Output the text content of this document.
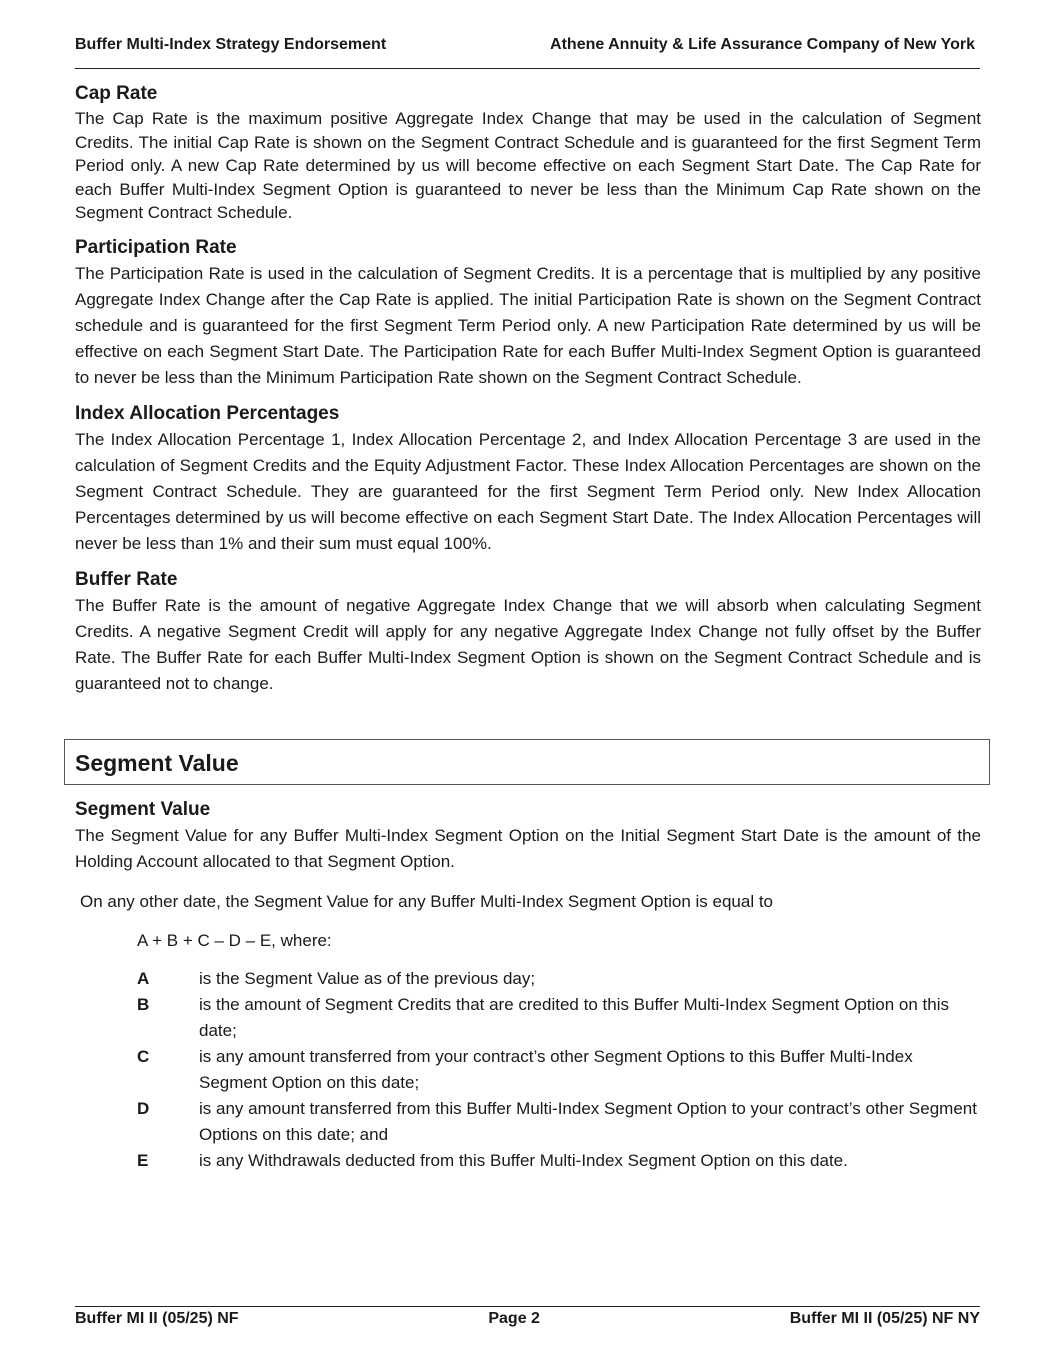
Buffer Multi-Index Strategy Endorsement	Athene Annuity & Life Assurance Company of New York
Cap Rate

The Cap Rate is the maximum positive Aggregate Index Change that may be used in the calculation of Segment Credits. The initial Cap Rate is shown on the Segment Contract Schedule and is guaranteed for the first Segment Term Period only. A new Cap Rate determined by us will become effective on each Segment Start Date. The Cap Rate for each Buffer Multi-Index Segment Option is guaranteed to never be less than the Minimum Cap Rate shown on the Segment Contract Schedule.

Participation Rate

The Participation Rate is used in the calculation of Segment Credits. It is a percentage that is multiplied by any positive Aggregate Index Change after the Cap Rate is applied. The initial Participation Rate is shown on the Segment Contract schedule and is guaranteed for the first Segment Term Period only. A new Participation Rate determined by us will be effective on each Segment Start Date. The Participation Rate for each Buffer Multi-Index Segment Option is guaranteed to never be less than the Minimum Participation Rate shown on the Segment Contract Schedule.

Index Allocation Percentages

The Index Allocation Percentage 1, Index Allocation Percentage 2, and Index Allocation Percentage 3 are used in the calculation of Segment Credits and the Equity Adjustment Factor. These Index Allocation Percentages are shown on the Segment Contract Schedule. They are guaranteed for the first Segment Term Period only. New Index Allocation Percentages determined by us will become effective on each Segment Start Date. The Index Allocation Percentages will never be less than 1% and their sum must equal 100%.

Buffer Rate

The Buffer Rate is the amount of negative Aggregate Index Change that we will absorb when calculating Segment Credits. A negative Segment Credit will apply for any negative Aggregate Index Change not fully offset by the Buffer Rate. The Buffer Rate for each Buffer Multi-Index Segment Option is shown on the Segment Contract Schedule and is guaranteed not to change.

Segment Value
Segment Value

The Segment Value for any Buffer Multi-Index Segment Option on the Initial Segment Start Date is the amount of the Holding Account allocated to that Segment Option.

On any other date, the Segment Value for any Buffer Multi-Index Segment Option is equal to

A + B + C – D – E, where:
A	is the Segment Value as of the previous day;
B	is the amount of Segment Credits that are credited to this Buffer Multi-Index Segment Option on this date;
C	is any amount transferred from your contract’s other Segment Options to this Buffer Multi-Index Segment Option on this date;
D	is any amount transferred from this Buffer Multi-Index Segment Option to your contract’s other Segment Options on this date; and
E	is any Withdrawals deducted from this Buffer Multi-Index Segment Option on this date.
Buffer MI II (05/25) NF	Page 2	Buffer MI II (05/25) NF NY
